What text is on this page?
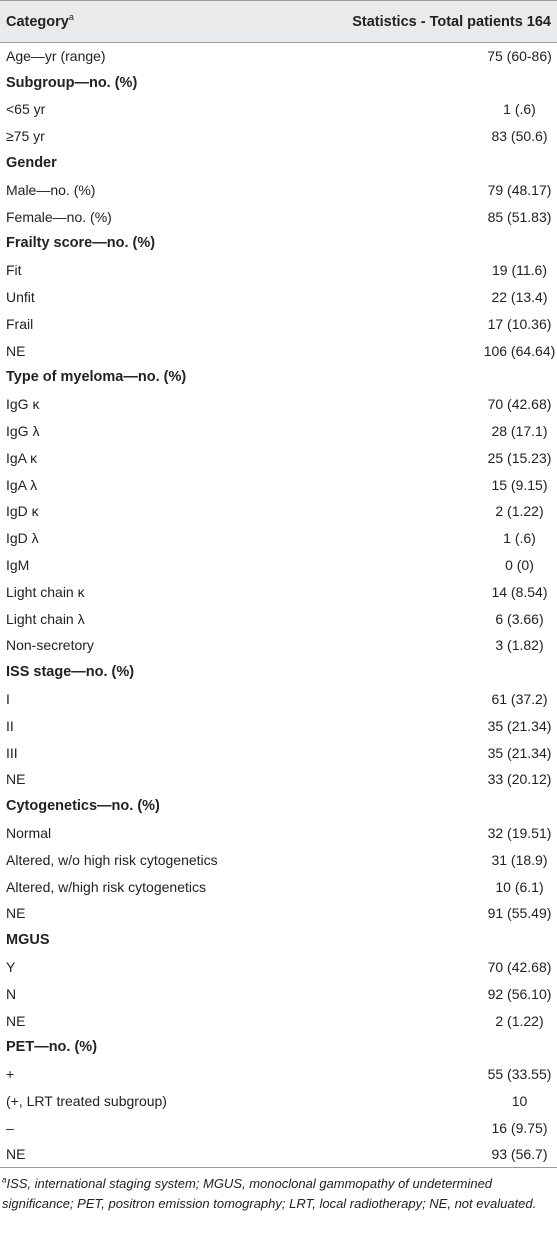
Category$^a$	Statistics - Total patients 164
Age—yr (range)	75 (60-86)
Subgroup—no. (%)	
<65 yr	1 (.6)
≥75 yr	83 (50.6)
Gender	
Male—no. (%)	79 (48.17)
Female—no. (%)	85 (51.83)
Frailty score—no. (%)	
Fit	19 (11.6)
Unfit	22 (13.4)
Frail	17 (10.36)
NE	106 (64.64)
Type of myeloma—no. (%)	
IgG κ	70 (42.68)
IgG λ	28 (17.1)
IgA κ	25 (15.23)
IgA λ	15 (9.15)
IgD κ	2 (1.22)
IgD λ	1 (.6)
IgM	0 (0)
Light chain κ	14 (8.54)
Light chain λ	6 (3.66)
Non-secretory	3 (1.82)
ISS stage—no. (%)	
I	61 (37.2)
II	35 (21.34)
III	35 (21.34)
NE	33 (20.12)
Cytogenetics—no. (%)	
Normal	32 (19.51)
Altered, w/o high risk cytogenetics	31 (18.9)
Altered, w/high risk cytogenetics	10 (6.1)
NE	91 (55.49)
MGUS	
Y	70 (42.68)
N	92 (56.10)
NE	2 (1.22)
PET—no. (%)	
+	55 (33.55)
(+, LRT treated subgroup)	10
–	16 (9.75)
NE	93 (56.7)
$^a$ISS, international staging system; MGUS, monoclonal gammopathy of undetermined significance; PET, positron emission tomography; LRT, local radiotherapy; NE, not evaluated.
